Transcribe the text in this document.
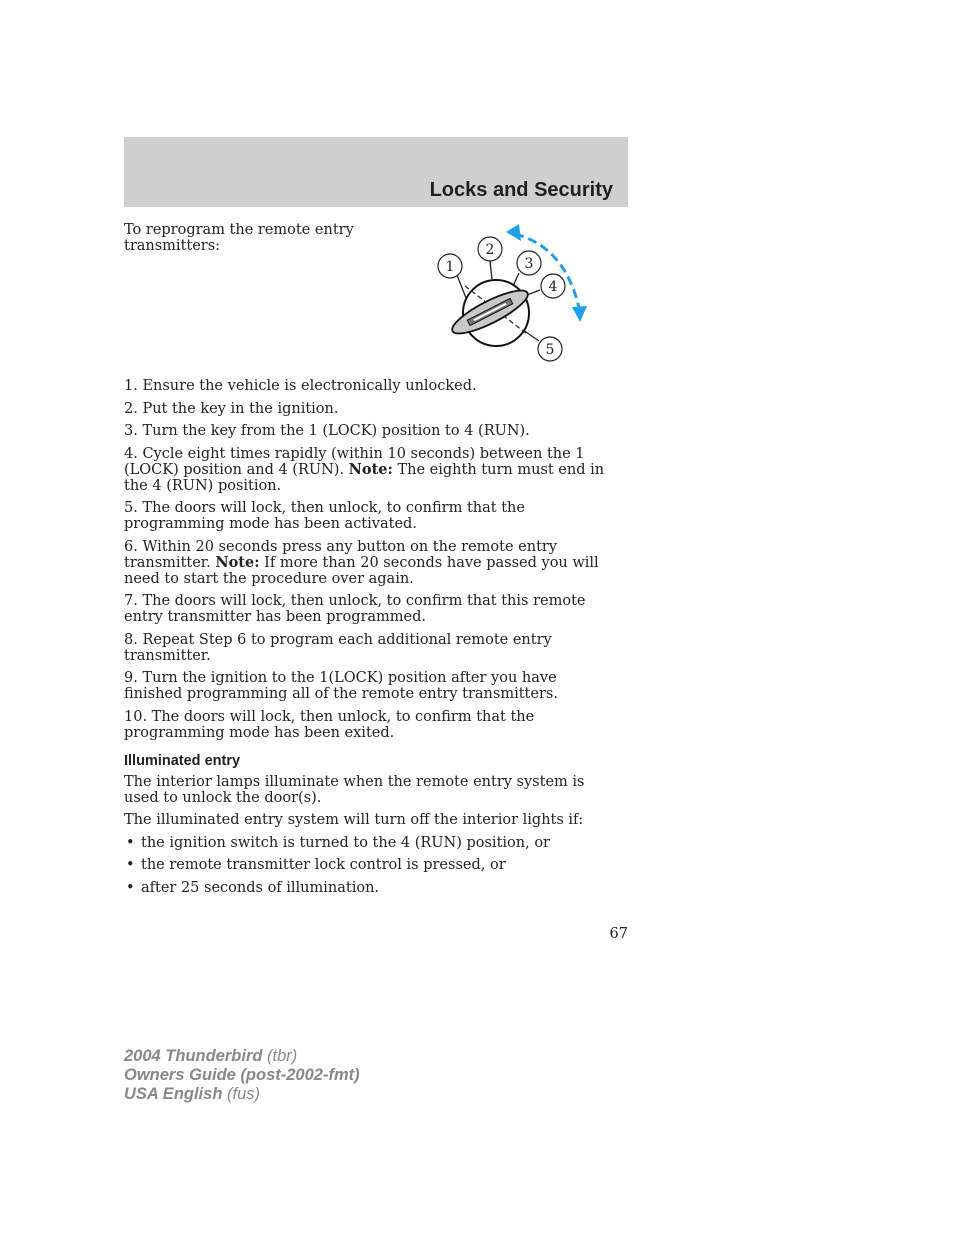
Locks and Security
To reprogram the remote entry transmitters:
1
2
3
4
5

1. Ensure the vehicle is electronically unlocked.

2. Put the key in the ignition.

3. Turn the key from the 1 (LOCK) position to 4 (RUN).

4. Cycle eight times rapidly (within 10 seconds) between the 1 (LOCK) position and 4 (RUN). Note: The eighth turn must end in the 4 (RUN) position.

5. The doors will lock, then unlock, to confirm that the programming mode has been activated.

6. Within 20 seconds press any button on the remote entry transmitter. Note: If more than 20 seconds have passed you will need to start the procedure over again.

7. The doors will lock, then unlock, to confirm that this remote entry transmitter has been programmed.

8. Repeat Step 6 to program each additional remote entry transmitter.

9. Turn the ignition to the 1(LOCK) position after you have finished programming all of the remote entry transmitters.

10. The doors will lock, then unlock, to confirm that the programming mode has been exited.

Illuminated entry

The interior lamps illuminate when the remote entry system is used to unlock the door(s).

The illuminated entry system will turn off the interior lights if:

• the ignition switch is turned to the 4 (RUN) position, or
• the remote transmitter lock control is pressed, or
• after 25 seconds of illumination.
67
2004 Thunderbird (tbr)
Owners Guide (post-2002-fmt)
USA English (fus)
